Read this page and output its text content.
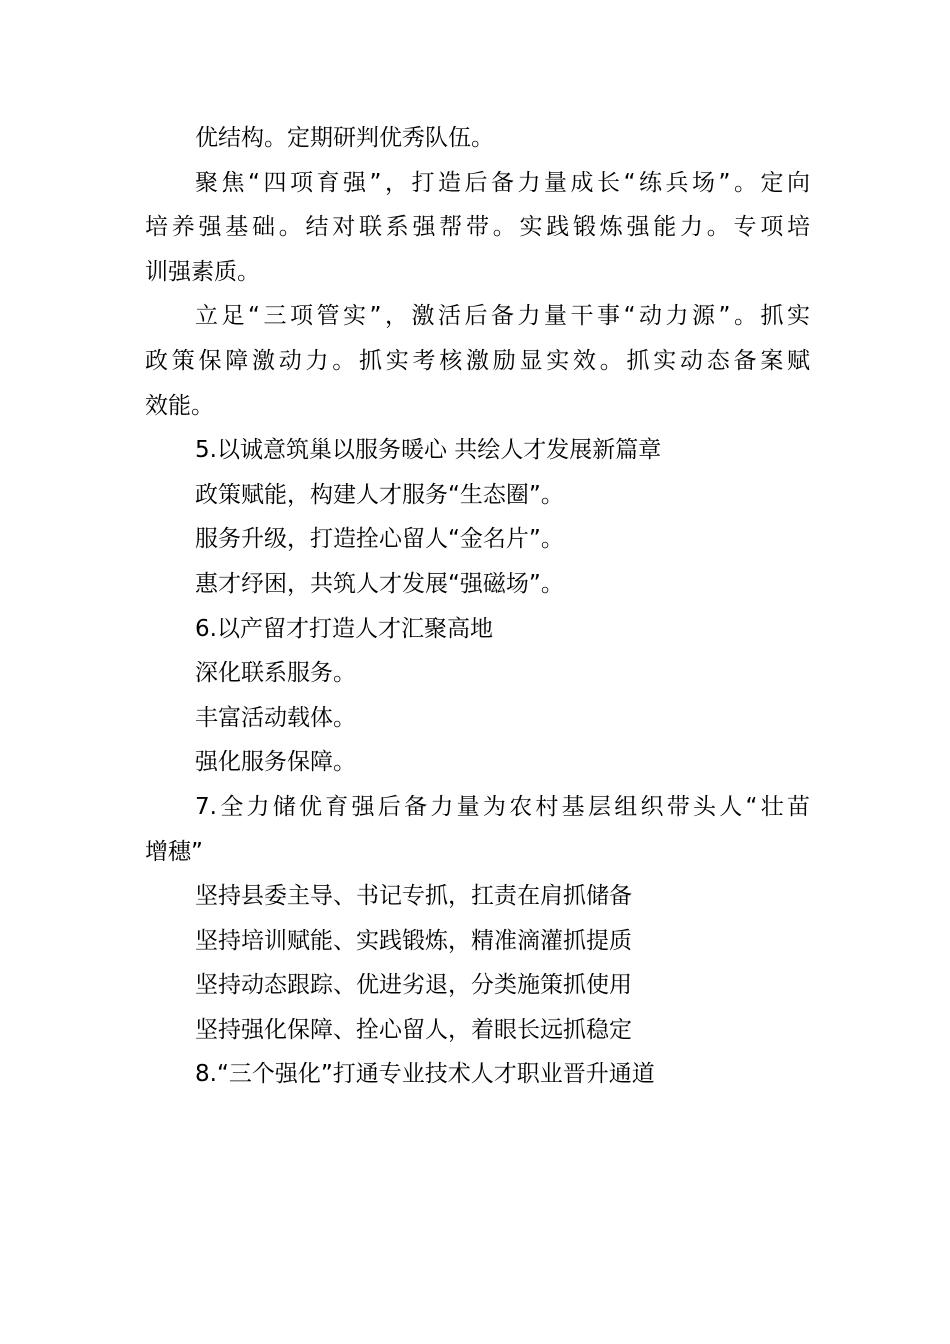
优结构。定期研判优秀队伍。

聚焦“四项育强”，打造后备力量成长“练兵场”。定向

培养强基础。结对联系强帮带。实践锻炼强能力。专项培

训强素质。

立足“三项管实”，激活后备力量干事“动力源”。抓实

政策保障激动力。抓实考核激励显实效。抓实动态备案赋

效能。

5.以诚意筑巢以服务暖心 共绘人才发展新篇章

政策赋能，构建人才服务“生态圈”。

服务升级，打造拴心留人“金名片”。

惠才纾困，共筑人才发展“强磁场”。

6.以产留才打造人才汇聚高地

深化联系服务。

丰富活动载体。

强化服务保障。

7.全力储优育强后备力量为农村基层组织带头人“壮苗

增穗”

坚持县委主导、书记专抓，扛责在肩抓储备

坚持培训赋能、实践锻炼，精准滴灌抓提质

坚持动态跟踪、优进劣退，分类施策抓使用

坚持强化保障、拴心留人，着眼长远抓稳定

8.“三个强化”打通专业技术人才职业晋升通道
